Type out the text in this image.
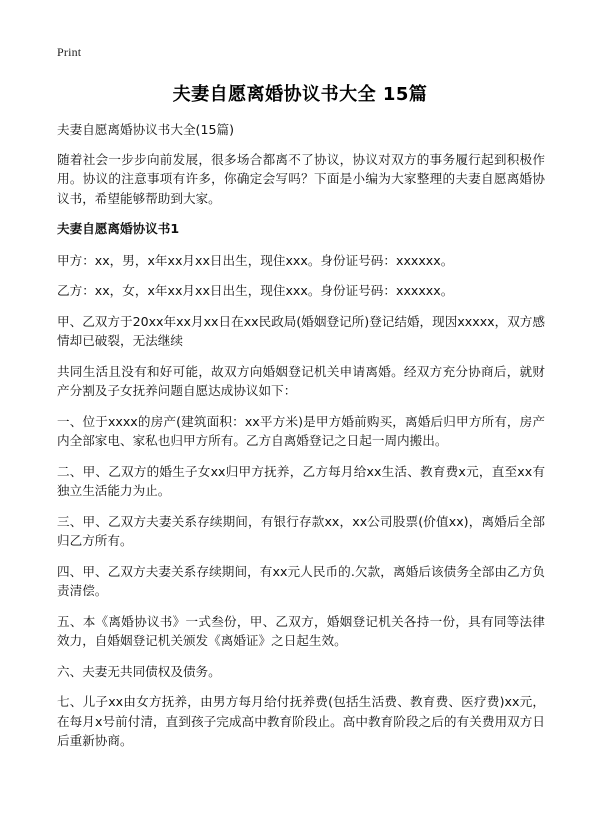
Print
夫妻自愿离婚协议书大全 15篇

夫妻自愿离婚协议书大全(15篇)

随着社会一步步向前发展，很多场合都离不了协议，协议对双方的事务履行起到积极作用。协议的注意事项有许多，你确定会写吗？下面是小编为大家整理的夫妻自愿离婚协议书，希望能够帮助到大家。

夫妻自愿离婚协议书1

甲方：xx，男，x年xx月xx日出生，现住xxx。身份证号码：xxxxxx。

乙方：xx，女，x年xx月xx日出生，现住xxx。身份证号码：xxxxxx。

甲、乙双方于20xx年xx月xx日在xx民政局(婚姻登记所)登记结婚，现因xxxxx，双方感情却已破裂，无法继续

共同生活且没有和好可能，故双方向婚姻登记机关申请离婚。经双方充分协商后，就财产分割及子女抚养问题自愿达成协议如下：

一、位于xxxx的房产(建筑面积：xx平方米)是甲方婚前购买，离婚后归甲方所有，房产内全部家电、家私也归甲方所有。乙方自离婚登记之日起一周内搬出。

二、甲、乙双方的婚生子女xx归甲方抚养，乙方每月给xx生活、教育费x元，直至xx有独立生活能力为止。

三、甲、乙双方夫妻关系存续期间，有银行存款xx，xx公司股票(价值xx)，离婚后全部归乙方所有。

四、甲、乙双方夫妻关系存续期间，有xx元人民币的.欠款，离婚后该债务全部由乙方负责清偿。

五、本《离婚协议书》一式叁份，甲、乙双方，婚姻登记机关各持一份，具有同等法律效力，自婚姻登记机关颁发《离婚证》之日起生效。

六、夫妻无共同债权及债务。

七、儿子xx由女方抚养，由男方每月给付抚养费(包括生活费、教育费、医疗费)xx元，在每月x号前付清，直到孩子完成高中教育阶段止。高中教育阶段之后的有关费用双方日后重新协商。
